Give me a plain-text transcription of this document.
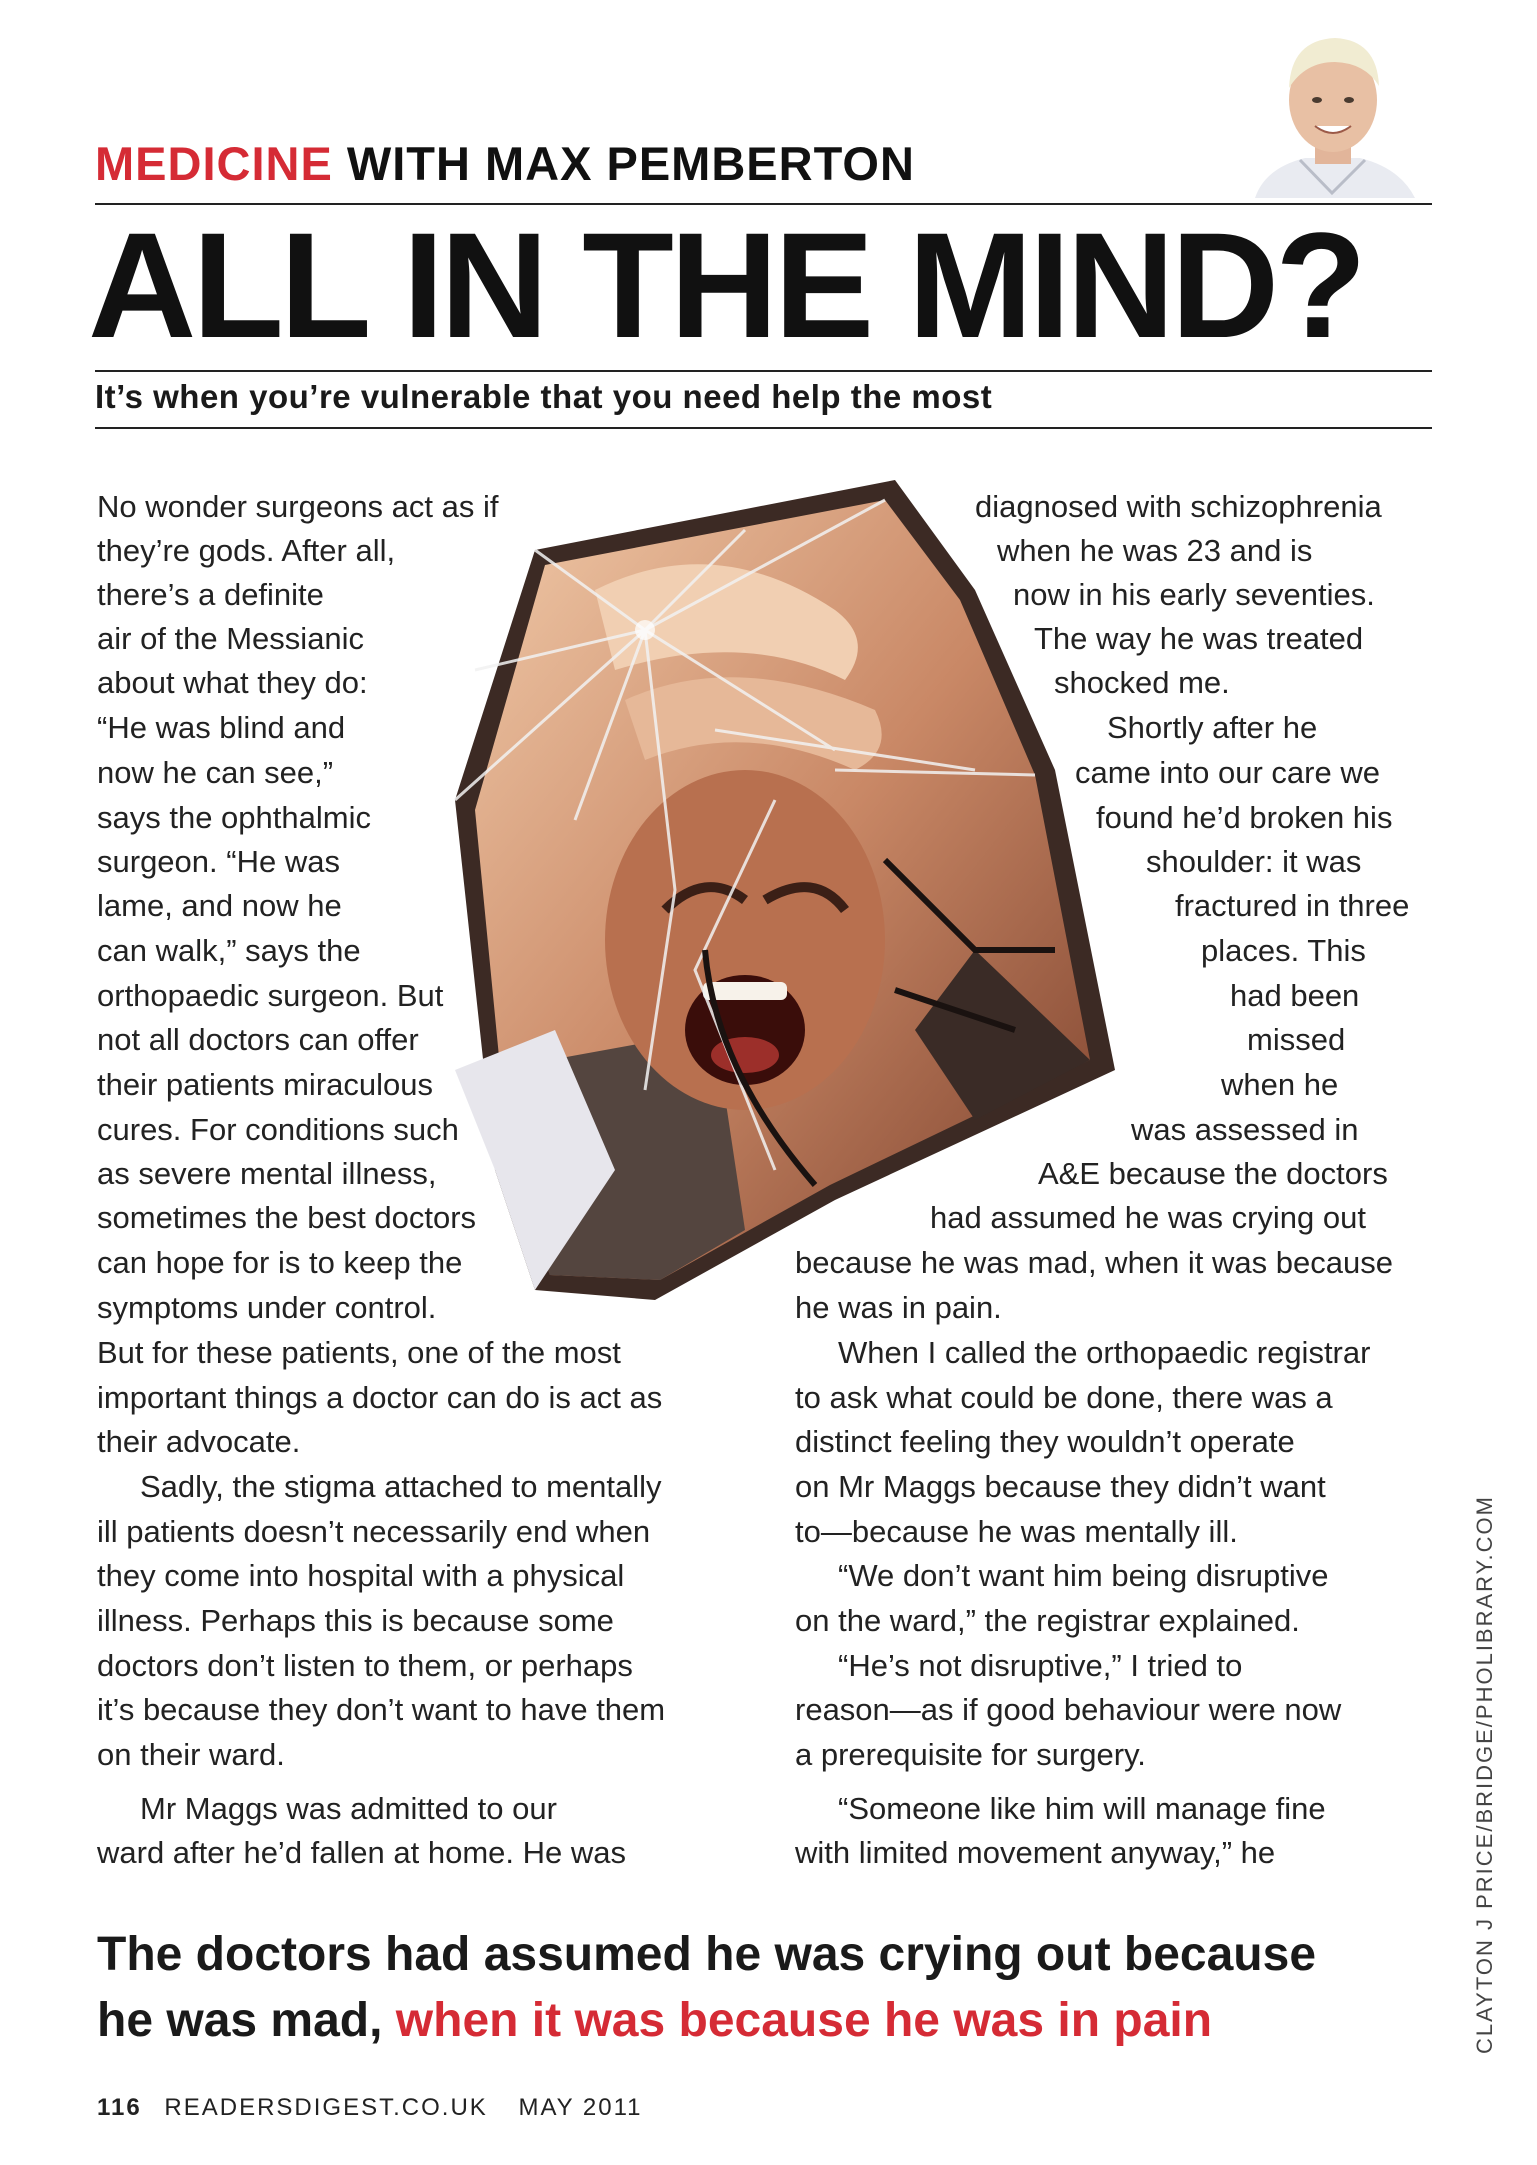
MEDICINE WITH MAX PEMBERTON
ALL IN THE MIND?
It’s when you’re vulnerable that you need help the most
No wonder surgeons act as if
they’re gods. After all,
there’s a definite
air of the Messianic
about what they do:
“He was blind and
now he can see,”
says the ophthalmic
surgeon. “He was
lame, and now he
can walk,” says the
orthopaedic surgeon. But
not all doctors can offer
their patients miraculous
cures. For conditions such
as severe mental illness,
sometimes the best doctors
can hope for is to keep the
symptoms under control.
But for these patients, one of the most
important things a doctor can do is act as
their advocate.
Sadly, the stigma attached to mentally
ill patients doesn’t necessarily end when
they come into hospital with a physical
illness. Perhaps this is because some
doctors don’t listen to them, or perhaps
it’s because they don’t want to have them
on their ward.
Mr Maggs was admitted to our
ward after he’d fallen at home. He was
diagnosed with schizophrenia
when he was 23 and is
now in his early seventies.
The way he was treated
shocked me.
Shortly after he
came into our care we
found he’d broken his
shoulder: it was
fractured in three
places. This
had been
missed
when he
was assessed in
A&E because the doctors
had assumed he was crying out
because he was mad, when it was because
he was in pain.
When I called the orthopaedic registrar
to ask what could be done, there was a
distinct feeling they wouldn’t operate
on Mr Maggs because they didn’t want
to—because he was mentally ill.
“We don’t want him being disruptive
on the ward,” the registrar explained.
“He’s not disruptive,” I tried to
reason—as if good behaviour were now
a prerequisite for surgery.
“Someone like him will manage fine
with limited movement anyway,” he
The doctors had assumed he was crying out because
he was mad, when it was because he was in pain	CLAYTON J PRICE/BRIDGE/PHOLIBRARY.COM
116 READERSDIGEST.CO.UK MAY 2011
